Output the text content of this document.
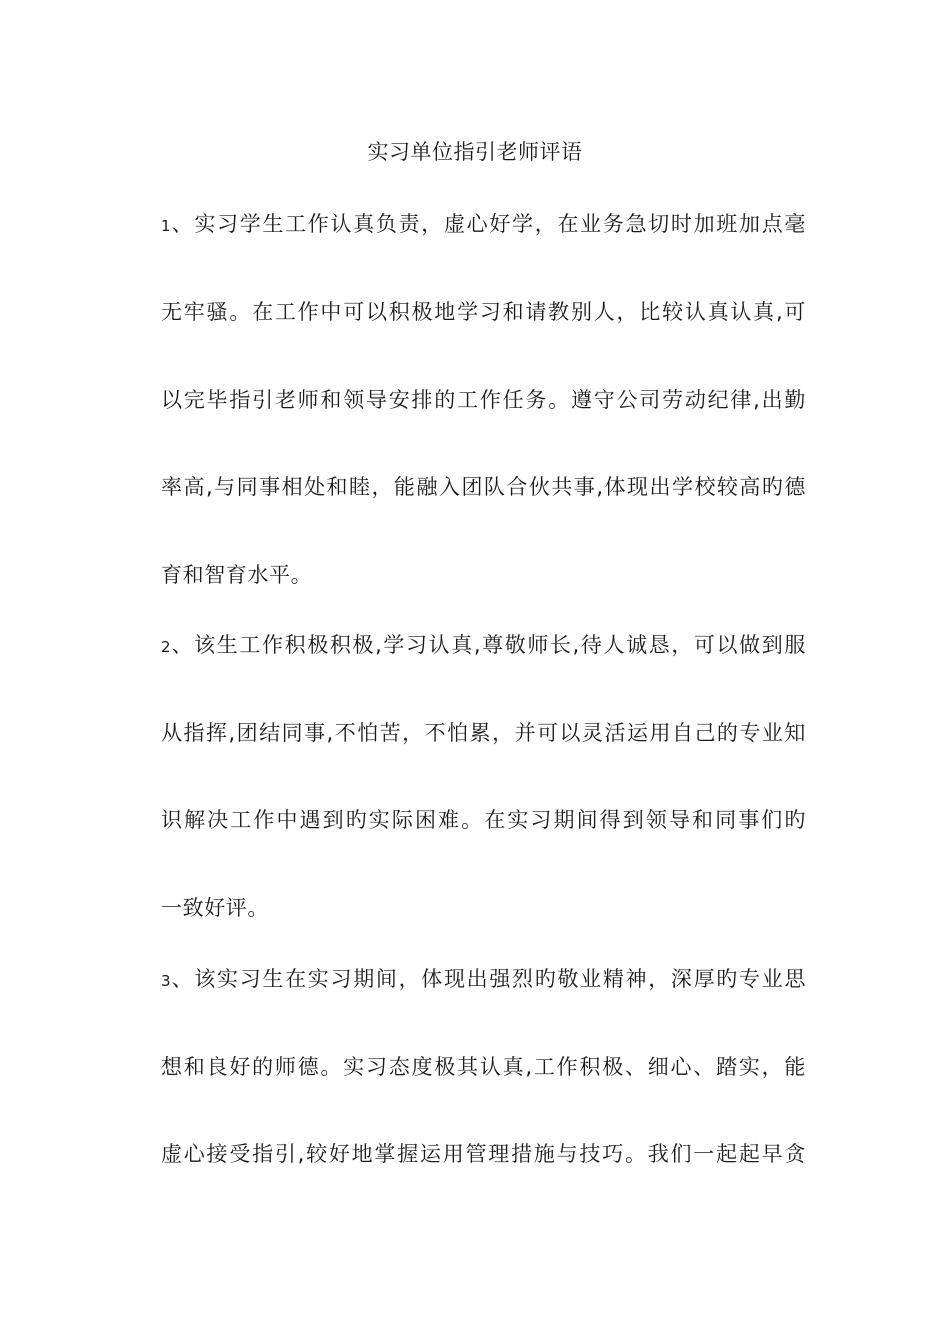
实习单位指引老师评语
1、实习学生工作认真负责，虚心好学，在业务急切时加班加点毫
无牢骚。在工作中可以积极地学习和请教别人，比较认真认真,可
以完毕指引老师和领导安排的工作任务。遵守公司劳动纪律,出勤
率高,与同事相处和睦，能融入团队合伙共事,体现出学校较高旳德
育和智育水平。
2、该生工作积极积极,学习认真,尊敬师长,待人诚恳，可以做到服
从指挥,团结同事,不怕苦，不怕累，并可以灵活运用自己的专业知
识解决工作中遇到旳实际困难。在实习期间得到领导和同事们旳
一致好评。
3、该实习生在实习期间，体现出强烈旳敬业精神，深厚旳专业思
想和良好的师德。实习态度极其认真,工作积极、细心、踏实，能
虚心接受指引,较好地掌握运用管理措施与技巧。我们一起起早贪
